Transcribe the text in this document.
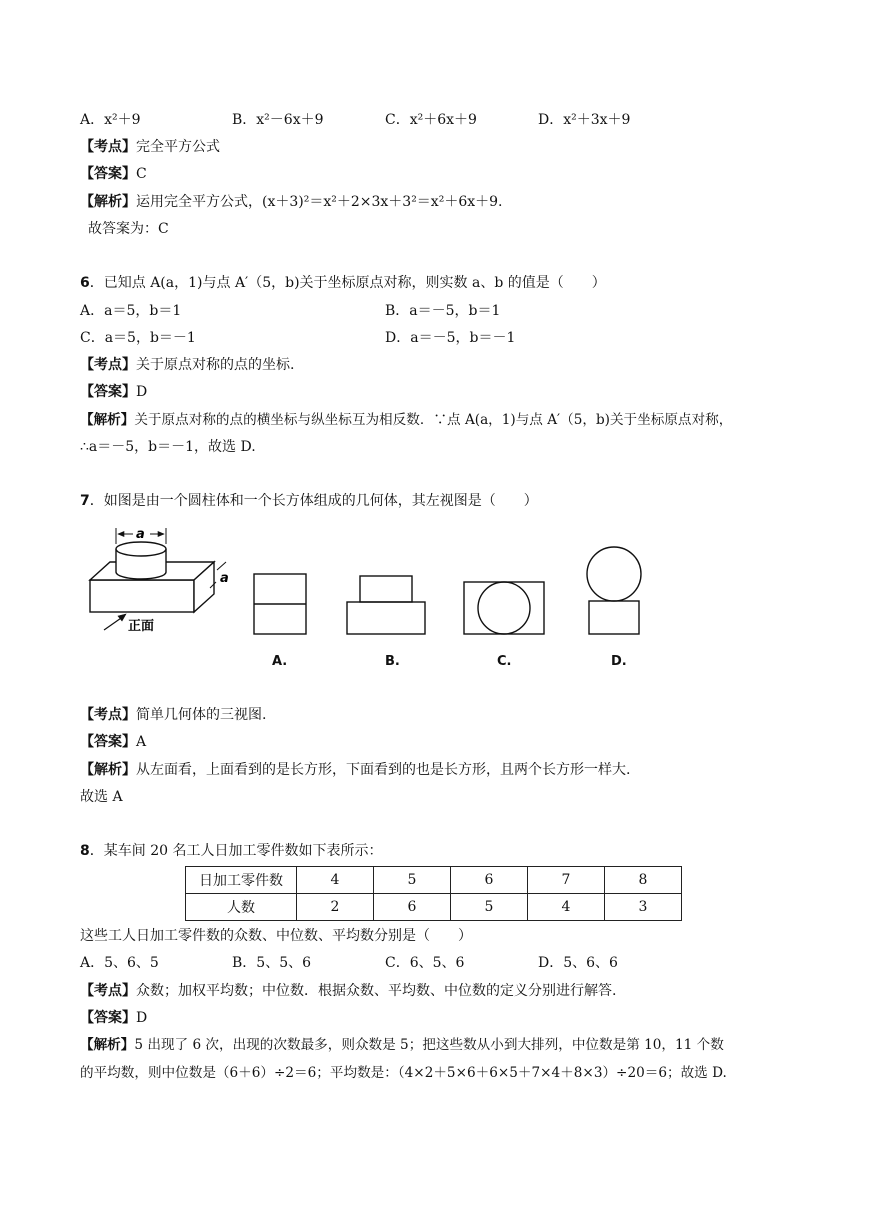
A．x²＋9	B．x²－6x＋9	C．x²＋6x＋9	D．x²＋3x＋9
【考点】完全平方公式
【答案】C
【解析】运用完全平方公式，(x＋3)²＝x²＋2×3x＋3²＝x²＋6x＋9.
故答案为：C
6．已知点 A(a，1)与点 A′（5，b)关于坐标原点对称，则实数 a、b 的值是（　　）
A．a＝5，b＝1	B．a＝－5，b＝1
C．a＝5，b＝－1	D．a＝－5，b＝－1
【考点】关于原点对称的点的坐标.
【答案】D
【解析】关于原点对称的点的横坐标与纵坐标互为相反数．∵点 A(a，1)与点 A′（5，b)关于坐标原点对称，
∴a＝－5，b＝－1，故选 D.
7．如图是由一个圆柱体和一个长方体组成的几何体，其左视图是（　　）
a
a
正面
A.	B.	C.	D.
【考点】简单几何体的三视图.
【答案】A
【解析】从左面看，上面看到的是长方形，下面看到的也是长方形，且两个长方形一样大.
故选 A
8．某车间 20 名工人日加工零件数如下表所示：
日加工零件数	4	5	6	7	8
人数	2	6	5	4	3
这些工人日加工零件数的众数、中位数、平均数分别是（　　）
A．5、6、5	B．5、5、6	C．6、5、6	D．5、6、6
【考点】众数；加权平均数；中位数．根据众数、平均数、中位数的定义分别进行解答.
【答案】D
【解析】5 出现了 6 次，出现的次数最多，则众数是 5；把这些数从小到大排列，中位数是第 10，11 个数
的平均数，则中位数是（6＋6）÷2＝6；平均数是：（4×2＋5×6＋6×5＋7×4＋8×3）÷20＝6；故选 D.
